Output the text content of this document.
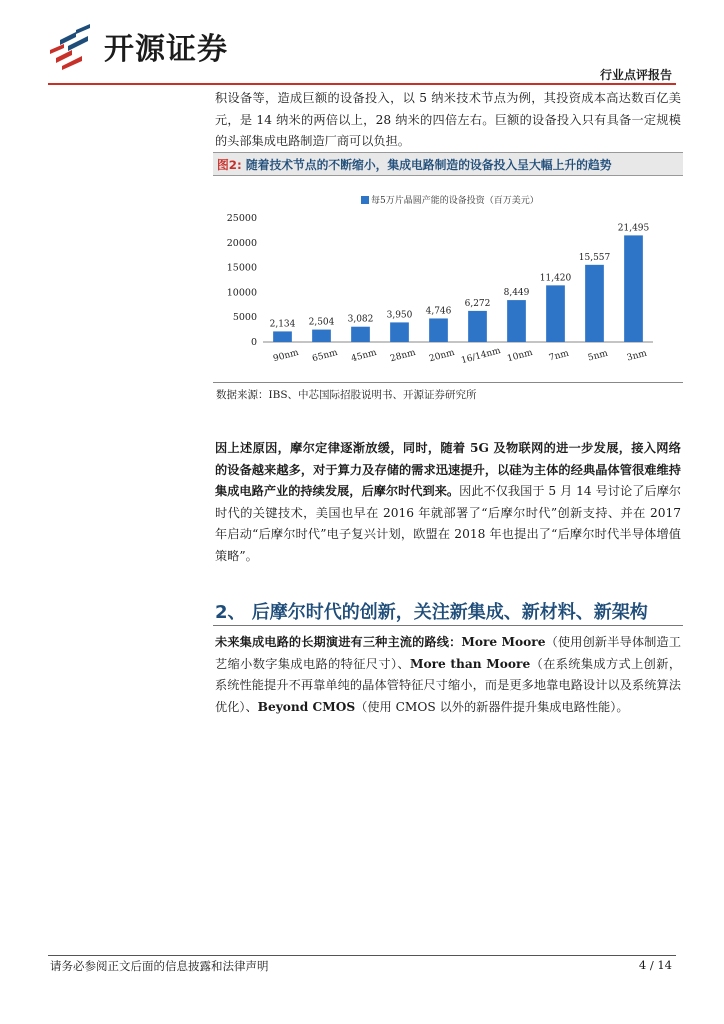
开源证券
行业点评报告

积设备等，造成巨额的设备投入，以 5 纳米技术节点为例，其投资成本高达数百亿美元，是 14 纳米的两倍以上，28 纳米的四倍左右。巨额的设备投入只有具备一定规模的头部集成电路制造厂商可以负担。

图2: 随着技术节点的不断缩小，集成电路制造的设备投入呈大幅上升的趋势
每5万片晶圆产能的设备投资（百万美元）
0
5000
10000
15000
20000
25000
2,134 2,504 3,082 3,950 4,746
6,272
8,449
11,420
15,557
21,495
90nm 65nm 45nm 28nm 20nm 16/14nm 10nm 7nm 5nm 3nm
数据来源：IBS、中芯国际招股说明书、开源证券研究所

因上述原因，摩尔定律逐渐放缓，同时，随着 5G 及物联网的进一步发展，接入网络的设备越来越多，对于算力及存储的需求迅速提升，以硅为主体的经典晶体管很难维持集成电路产业的持续发展，后摩尔时代到来。因此不仅我国于 5 月 14 号讨论了后摩尔时代的关键技术，美国也早在 2016 年就部署了“后摩尔时代”创新支持、并在 2017 年启动“后摩尔时代”电子复兴计划，欧盟在 2018 年也提出了“后摩尔时代半导体增值策略”。

2、 后摩尔时代的创新，关注新集成、新材料、新架构

未来集成电路的长期演进有三种主流的路线：More Moore（使用创新半导体制造工艺缩小数字集成电路的特征尺寸）、More than Moore（在系统集成方式上创新，系统性能提升不再靠单纯的晶体管特征尺寸缩小，而是更多地靠电路设计以及系统算法优化）、Beyond CMOS（使用 CMOS 以外的新器件提升集成电路性能）。

请务必参阅正文后面的信息披露和法律声明	4 / 14
